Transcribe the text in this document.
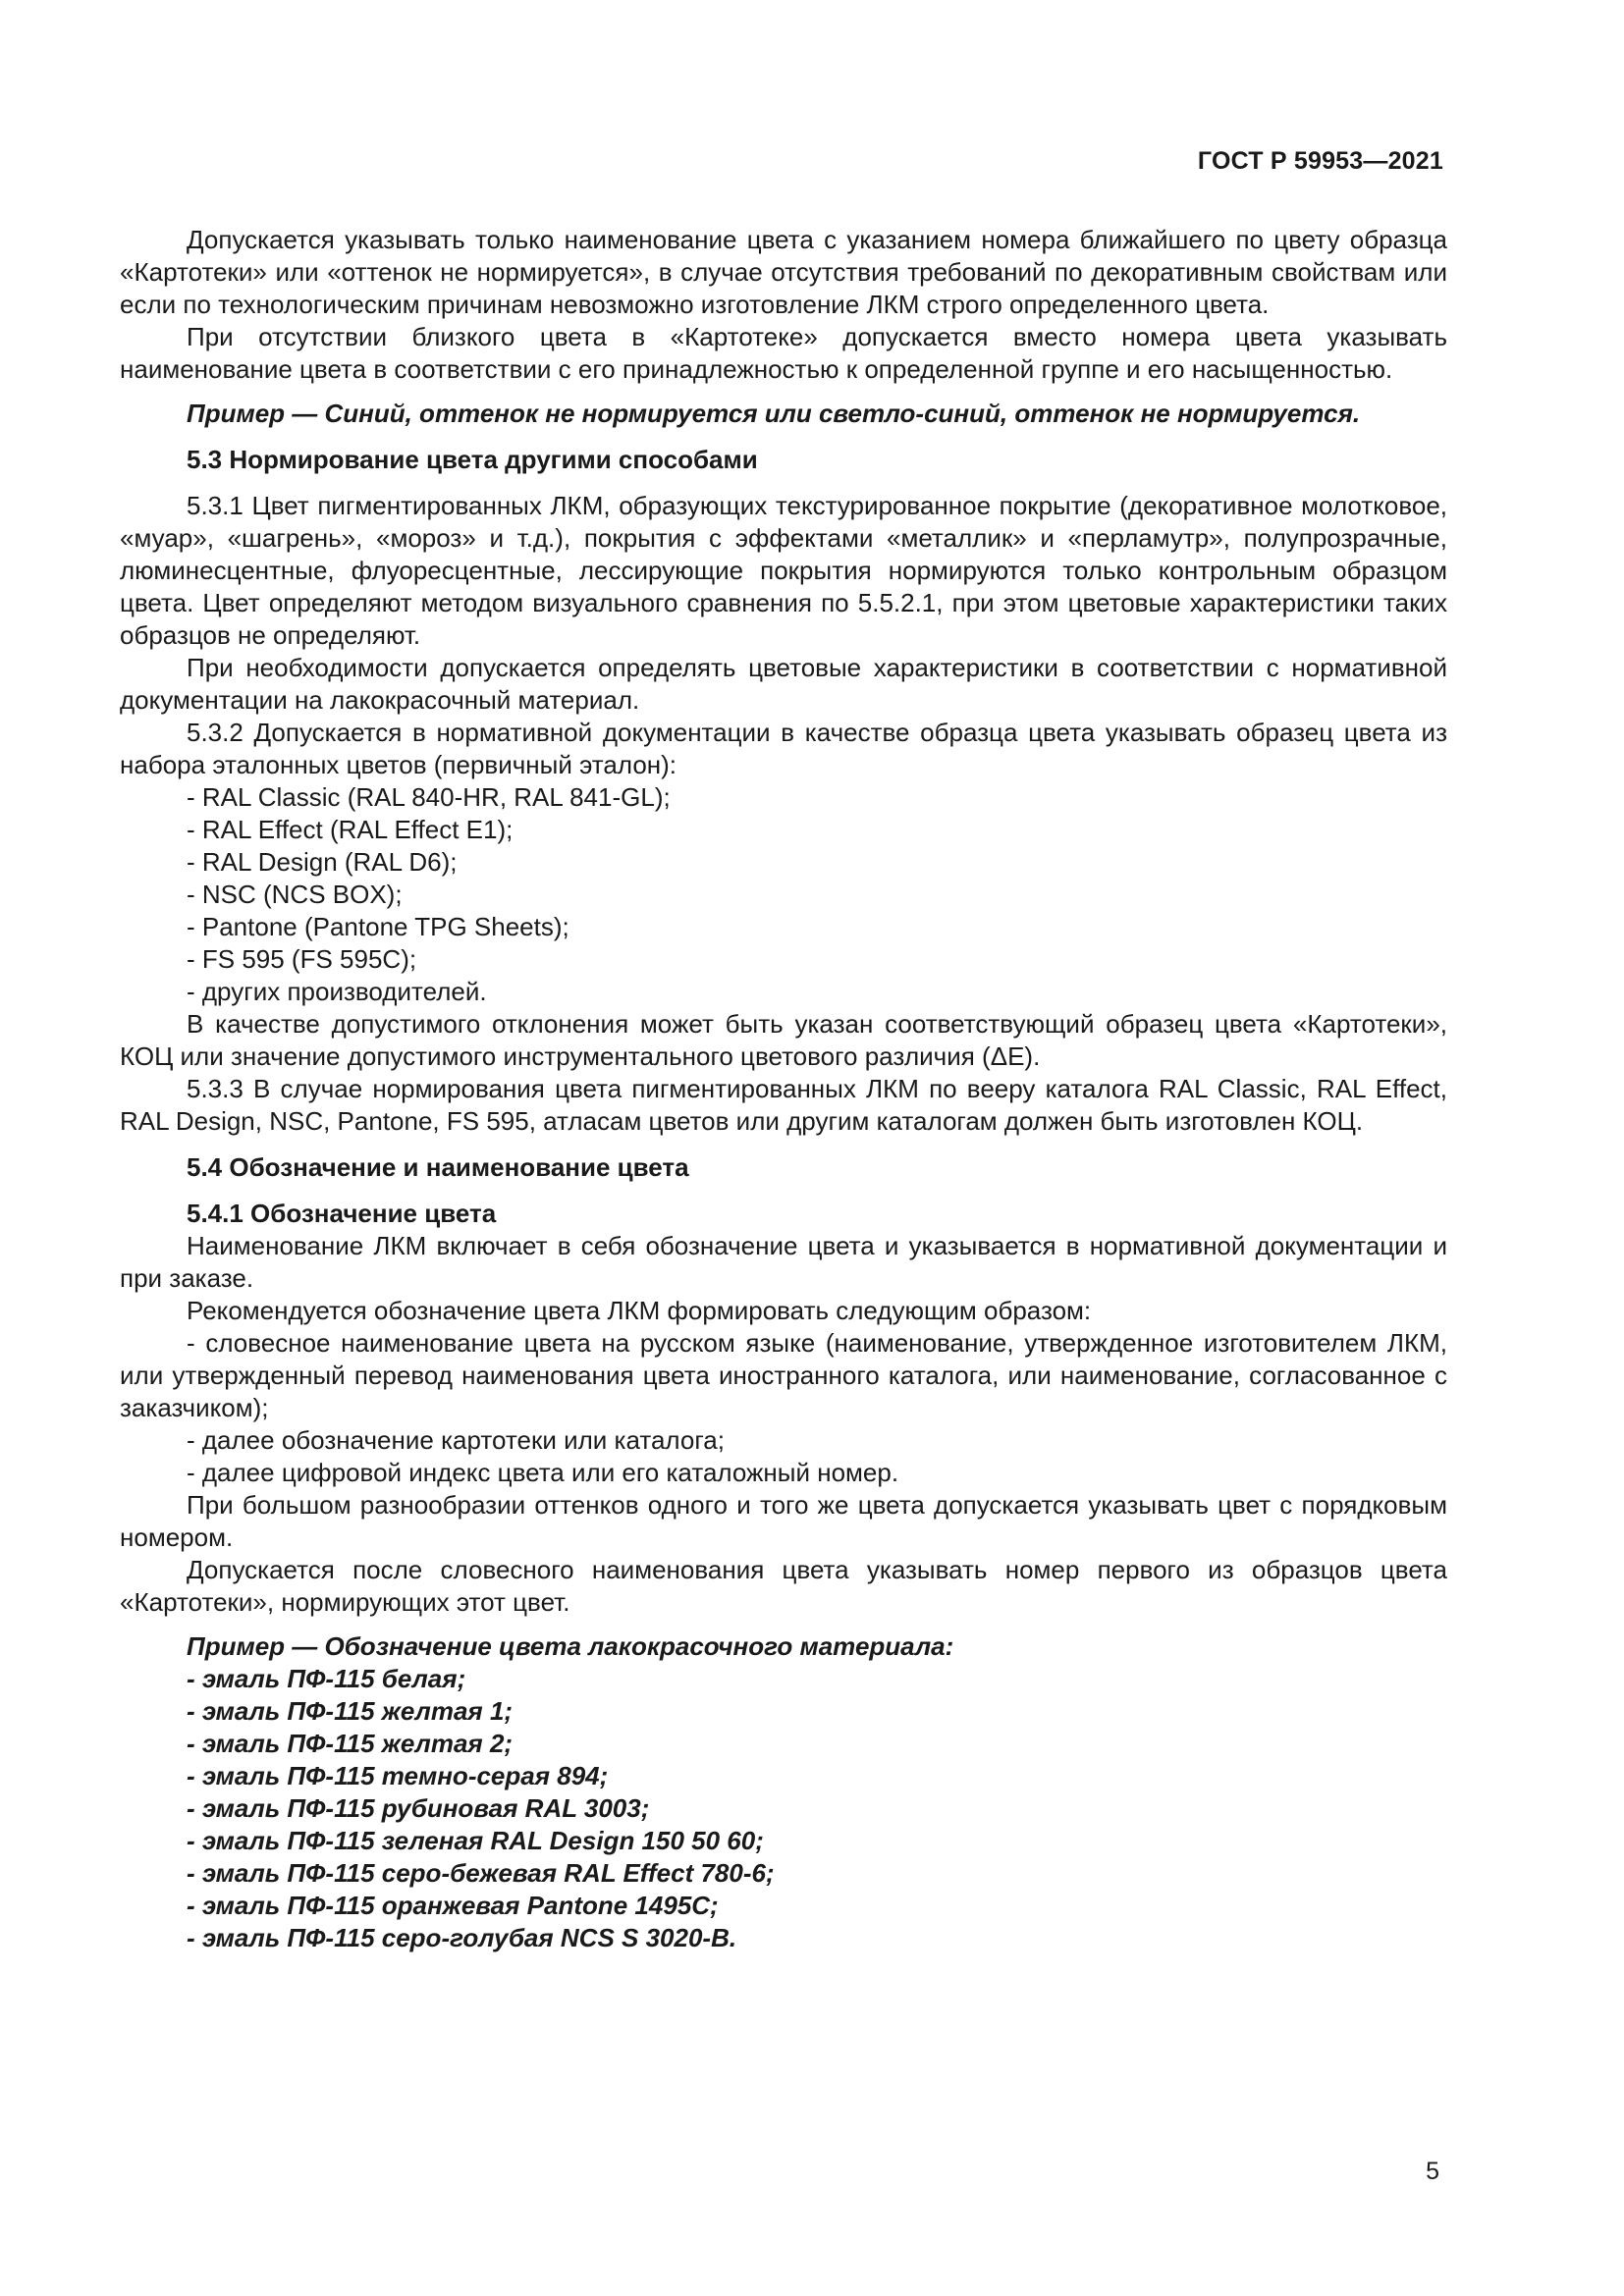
ГОСТ Р 59953—2021

Допускается указывать только наименование цвета с указанием номера ближайшего по цвету образца «Картотеки» или «оттенок не нормируется», в случае отсутствия требований по декоративным свойствам или если по технологическим причинам невозможно изготовление ЛКМ строго определенного цвета.

При отсутствии близкого цвета в «Картотеке» допускается вместо номера цвета указывать наименование цвета в соответствии с его принадлежностью к определенной группе и его насыщенностью.

Пример — Синий, оттенок не нормируется или светло-синий, оттенок не нормируется.

5.3 Нормирование цвета другими способами

5.3.1 Цвет пигментированных ЛКМ, образующих текстурированное покрытие (декоративное молотковое, «муар», «шагрень», «мороз» и т.д.), покрытия с эффектами «металлик» и «перламутр», полупрозрачные, люминесцентные, флуоресцентные, лессирующие покрытия нормируются только контрольным образцом цвета. Цвет определяют методом визуального сравнения по 5.5.2.1, при этом цветовые характеристики таких образцов не определяют.

При необходимости допускается определять цветовые характеристики в соответствии с нормативной документации на лакокрасочный материал.

5.3.2 Допускается в нормативной документации в качестве образца цвета указывать образец цвета из набора эталонных цветов (первичный эталон):

- RAL Classic (RAL 840-HR, RAL 841-GL);

- RAL Effect (RAL Effect E1);

- RAL Design (RAL D6);

- NSC (NCS BOX);

- Pantone (Pantone TPG Sheets);

- FS 595 (FS 595C);

- других производителей.

В качестве допустимого отклонения может быть указан соответствующий образец цвета «Картотеки», КОЦ или значение допустимого инструментального цветового различия (ΔE).

5.3.3 В случае нормирования цвета пигментированных ЛКМ по вееру каталога RAL Classic, RAL Effect, RAL Design, NSC, Pantone, FS 595, атласам цветов или другим каталогам должен быть изготовлен КОЦ.

5.4 Обозначение и наименование цвета

5.4.1 Обозначение цвета

Наименование ЛКМ включает в себя обозначение цвета и указывается в нормативной документации и при заказе.

Рекомендуется обозначение цвета ЛКМ формировать следующим образом:

- словесное наименование цвета на русском языке (наименование, утвержденное изготовителем ЛКМ, или утвержденный перевод наименования цвета иностранного каталога, или наименование, согласованное с заказчиком);

- далее обозначение картотеки или каталога;

- далее цифровой индекс цвета или его каталожный номер.

При большом разнообразии оттенков одного и того же цвета допускается указывать цвет с порядковым номером.

Допускается после словесного наименования цвета указывать номер первого из образцов цвета «Картотеки», нормирующих этот цвет.

Пример — Обозначение цвета лакокрасочного материала:

- эмаль ПФ-115 белая;

- эмаль ПФ-115 желтая 1;

- эмаль ПФ-115 желтая 2;

- эмаль ПФ-115 темно-серая 894;

- эмаль ПФ-115 рубиновая RAL 3003;

- эмаль ПФ-115 зеленая RAL Design 150 50 60;

- эмаль ПФ-115 серо-бежевая RAL Effect 780-6;

- эмаль ПФ-115 оранжевая Pantone 1495C;

- эмаль ПФ-115 серо-голубая NCS S 3020-B.

5
